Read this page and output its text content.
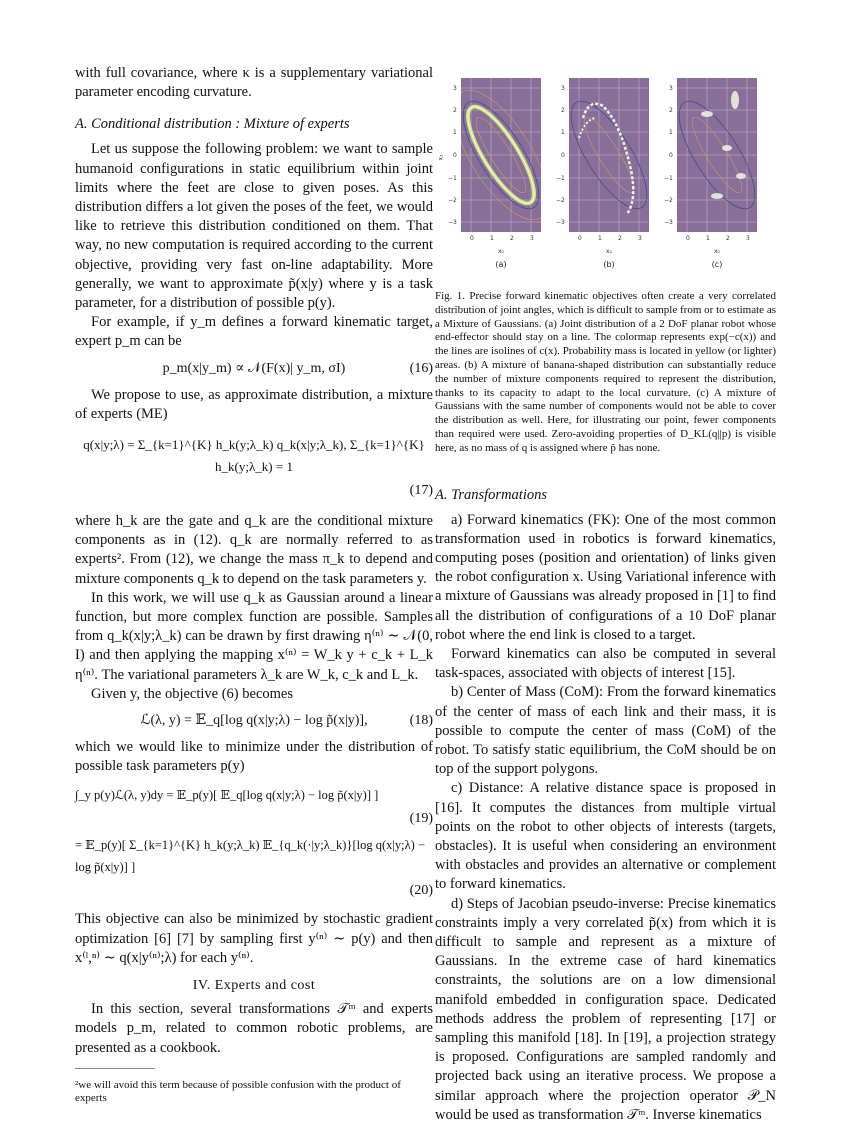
with full covariance, where κ is a supplementary variational parameter encoding curvature.

A. Conditional distribution : Mixture of experts

Let us suppose the following problem: we want to sample humanoid configurations in static equilibrium within joint limits where the feet are close to given poses. As this distribution differs a lot given the poses of the feet, we would like to retrieve this distribution conditioned on them. That way, no new computation is required according to the current objective, providing very fast on-line adaptability. More generally, we want to approximate p̃(x|y) where y is a task parameter, for a distribution of possible p(y).

For example, if y_m defines a forward kinematic target, expert p_m can be

p_m(x|y_m) ∝ 𝒩(F(x)| y_m, σI)	(16)

We propose to use, as approximate distribution, a mixture of experts (ME)

q(x|y;λ) = Σ_{k=1}^{K} h_k(y;λ_k) q_k(x|y;λ_k), Σ_{k=1}^{K} h_k(y;λ_k) = 1
(17)

where h_k are the gate and q_k are the conditional mixture components as in (12). q_k are normally referred to as experts². From (12), we change the mass π_k to depend and mixture components q_k to depend on the task parameters y.

In this work, we will use q_k as Gaussian around a linear function, but more complex function are possible. Samples from q_k(x|y;λ_k) can be drawn by first drawing η⁽ⁿ⁾ ∼ 𝒩(0, I) and then applying the mapping x⁽ⁿ⁾ = W_k y + c_k + L_k η⁽ⁿ⁾. The variational parameters λ_k are W_k, c_k and L_k.

Given y, the objective (6) becomes

ℒ(λ, y) = 𝔼_q[log q(x|y;λ) − log p̃(x|y)],	(18)

which we would like to minimize under the distribution of possible task parameters p(y)

∫_y p(y)ℒ(λ, y)dy = 𝔼_p(y)[ 𝔼_q[log q(x|y;λ) − log p̃(x|y)] ]
(19)
= 𝔼_p(y)[ Σ_{k=1}^{K} h_k(y;λ_k) 𝔼_{q_k(·|y;λ_k)}[log q(x|y;λ) − log p̃(x|y)] ]
(20)

This objective can also be minimized by stochastic gradient optimization [6] [7] by sampling first y⁽ⁿ⁾ ∼ p(y) and then x⁽ˡ,ⁿ⁾ ∼ q(x|y⁽ⁿ⁾;λ) for each y⁽ⁿ⁾.

IV. Experts and cost

In this section, several transformations 𝒯ᵐ and experts models p_m, related to common robotic problems, are presented as a cookbook.

²we will avoid this term because of possible confusion with the product of experts
x₁
3
2
1
0
−1
−2
−3
3
2
1
0
−1
−2
−3
3
2
1
0
−1
−2
−3
0	1	2	3	0	1	2	3	0	1	2	3
x₀	x₀	x₀
(a)	(b)	(c)
Fig. 1. Precise forward kinematic objectives often create a very correlated distribution of joint angles, which is difficult to sample from or to estimate as a Mixture of Gaussians. (a) Joint distribution of a 2 DoF planar robot whose end-effector should stay on a line. The colormap represents exp(−c(x)) and the lines are isolines of c(x). Probability mass is located in yellow (or lighter) areas. (b) A mixture of banana-shaped distribution can substantially reduce the number of mixture components required to represent the distribution, thanks to its capacity to adapt to the local curvature. (c) A mixture of Gaussians with the same number of components would not be able to cover the distribution as well. Here, for illustrating our point, fewer components than required were used. Zero-avoiding properties of D_KL(q||p) is visible here, as no mass of q is assigned where p̃ has none.
A. Transformations

a) Forward kinematics (FK): One of the most common transformation used in robotics is forward kinematics, computing poses (position and orientation) of links given the robot configuration x. Using Variational inference with a mixture of Gaussians was already proposed in [1] to find all the distribution of configurations of a 10 DoF planar robot where the end link is closed to a target.

Forward kinematics can also be computed in several task-spaces, associated with objects of interest [15].

b) Center of Mass (CoM): From the forward kinematics of the center of mass of each link and their mass, it is possible to compute the center of mass (CoM) of the robot. To satisfy static equilibrium, the CoM should be on top of the support polygons.

c) Distance: A relative distance space is proposed in [16]. It computes the distances from multiple virtual points on the robot to other objects of interests (targets, obstacles). It is useful when considering an environment with obstacles and provides an alternative or complement to forward kinematics.

d) Steps of Jacobian pseudo-inverse: Precise kinematics constraints imply a very correlated p̃(x) from which it is difficult to sample and represent as a mixture of Gaussians. In the extreme case of hard kinematics constraints, the solutions are on a low dimensional manifold embedded in configuration space. Dedicated methods address the problem of representing [17] or sampling this manifold [18]. In [19], a projection strategy is proposed. Configurations are sampled randomly and projected back using an iterative process. We propose a similar approach where the projection operator 𝒫_N would be used as transformation 𝒯ᵐ. Inverse kinematics
